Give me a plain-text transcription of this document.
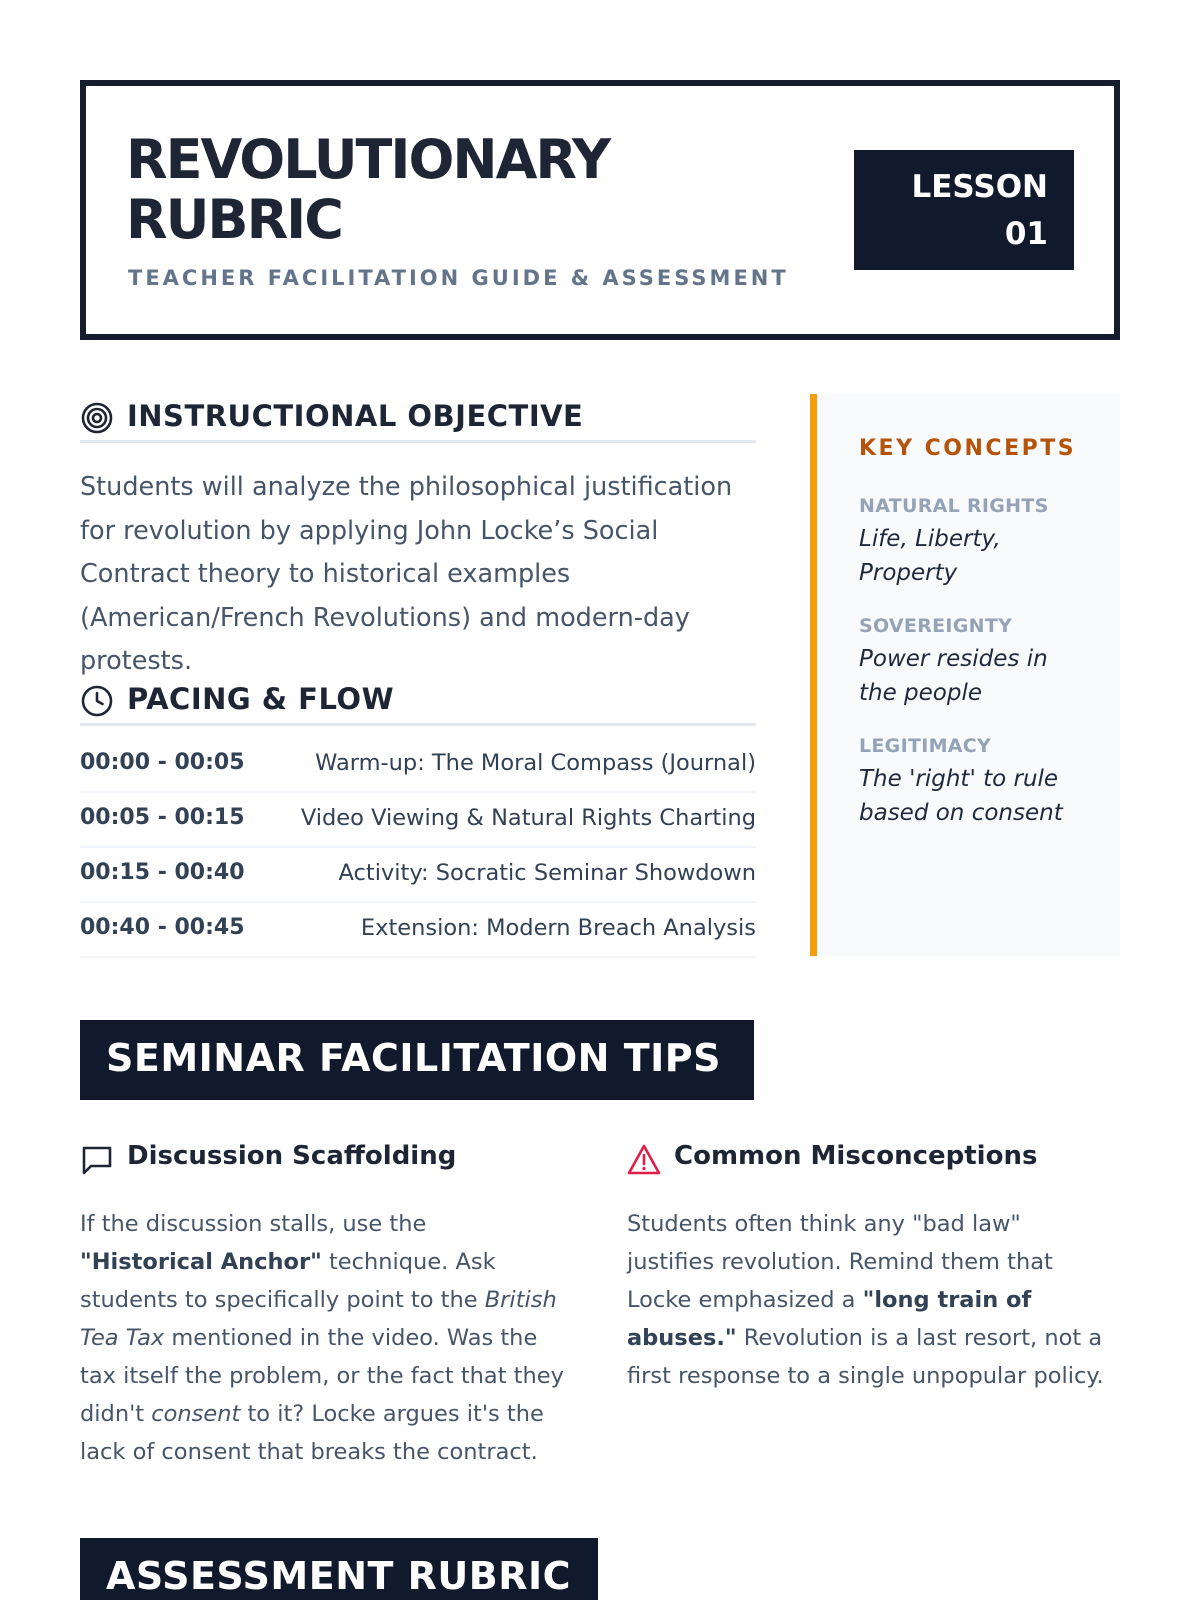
REVOLUTIONARY
RUBRIC
TEACHER FACILITATION GUIDE & ASSESSMENT
LESSON
01
INSTRUCTIONAL OBJECTIVE
Students will analyze the philosophical justification for revolution by applying John Locke’s Social Contract theory to historical examples (American/French Revolutions) and modern-day protests.
PACING & FLOW
00:00 - 00:05	Warm-up: The Moral Compass (Journal)
00:05 - 00:15	Video Viewing & Natural Rights Charting
00:15 - 00:40	Activity: Socratic Seminar Showdown
00:40 - 00:45	Extension: Modern Breach Analysis
KEY CONCEPTS
NATURAL RIGHTS
Life, Liberty, Property
SOVEREIGNTY
Power resides in the people
LEGITIMACY
The 'right' to rule based on consent
SEMINAR FACILITATION TIPS
Discussion Scaffolding
If the discussion stalls, use the "Historical Anchor" technique. Ask students to specifically point to the British Tea Tax mentioned in the video. Was the tax itself the problem, or the fact that they didn't consent to it? Locke argues it's the lack of consent that breaks the contract.
Common Misconceptions
Students often think any "bad law" justifies revolution. Remind them that Locke emphasized a "long train of abuses." Revolution is a last resort, not a first response to a single unpopular policy.
ASSESSMENT RUBRIC
